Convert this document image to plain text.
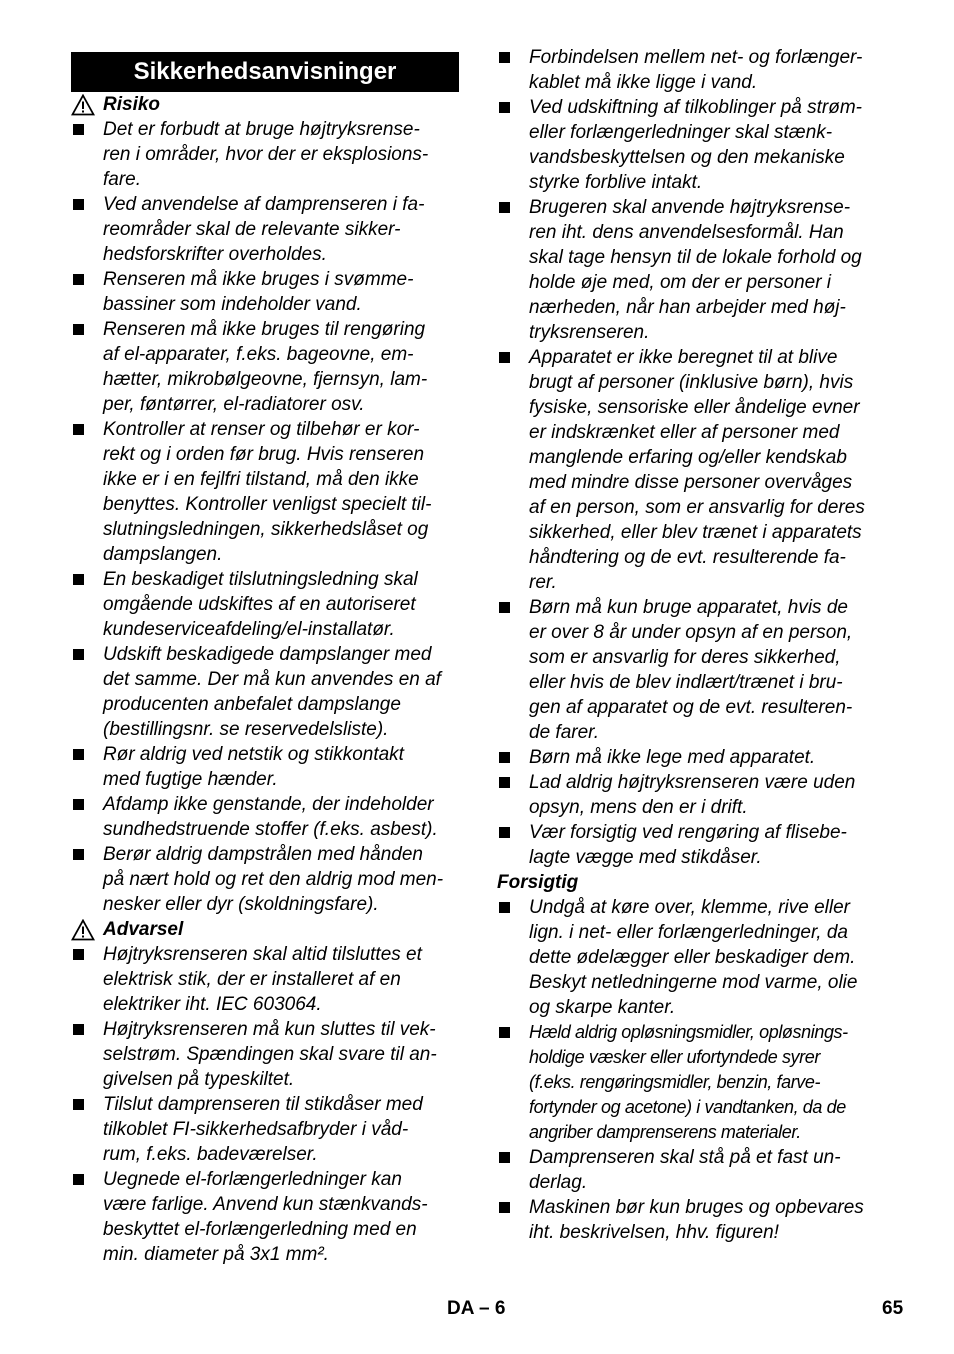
Sikkerhedsanvisninger
Risiko
Det er forbudt at bruge højtryksrense-
ren i områder, hvor der er eksplosions-
fare.
Ved anvendelse af damprenseren i fa-
reområder skal de relevante sikker-
hedsforskrifter overholdes.
Renseren må ikke bruges i svømme-
bassiner som indeholder vand.
Renseren må ikke bruges til rengøring
af el-apparater, f.eks. bageovne, em-
hætter, mikrobølgeovne, fjernsyn, lam-
per, føntørrer, el-radiatorer osv.
Kontroller at renser og tilbehør er kor-
rekt og i orden før brug. Hvis renseren
ikke er i en fejlfri tilstand, må den ikke
benyttes. Kontroller venligst specielt til-
slutningsledningen, sikkerhedslåset og
dampslangen.
En beskadiget tilslutningsledning skal
omgående udskiftes af en autoriseret
kundeserviceafdeling/el-installatør.
Udskift beskadigede dampslanger med
det samme. Der må kun anvendes en af
producenten anbefalet dampslange
(bestillingsnr. se reservedelsliste).
Rør aldrig ved netstik og stikkontakt
med fugtige hænder.
Afdamp ikke genstande, der indeholder
sundhedstruende stoffer (f.eks. asbest).
Berør aldrig dampstrålen med hånden
på nært hold og ret den aldrig mod men-
nesker eller dyr (skoldningsfare).
Advarsel
Højtryksrenseren skal altid tilsluttes et
elektrisk stik, der er installeret af en
elektriker iht. IEC 603064.
Højtryksrenseren må kun sluttes til vek-
selstrøm. Spændingen skal svare til an-
givelsen på typeskiltet.
Tilslut damprenseren til stikdåser med
tilkoblet FI-sikkerhedsafbryder i våd-
rum, f.eks. badeværelser.
Uegnede el-forlængerledninger kan
være farlige. Anvend kun stænkvands-
beskyttet el-forlængerledning med en
min. diameter på 3x1 mm².
Forbindelsen mellem net- og forlænger-
kablet må ikke ligge i vand.
Ved udskiftning af tilkoblinger på strøm-
eller forlængerledninger skal stænk-
vandsbeskyttelsen og den mekaniske
styrke forblive intakt.
Brugeren skal anvende højtryksrense-
ren iht. dens anvendelsesformål. Han
skal tage hensyn til de lokale forhold og
holde øje med, om der er personer i
nærheden, når han arbejder med høj-
tryksrenseren.
Apparatet er ikke beregnet til at blive
brugt af personer (inklusive børn), hvis
fysiske, sensoriske eller åndelige evner
er indskrænket eller af personer med
manglende erfaring og/eller kendskab
med mindre disse personer overvåges
af en person, som er ansvarlig for deres
sikkerhed, eller blev trænet i apparatets
håndtering og de evt. resulterende fa-
rer.
Børn må kun bruge apparatet, hvis de
er over 8 år under opsyn af en person,
som er ansvarlig for deres sikkerhed,
eller hvis de blev indlært/trænet i bru-
gen af apparatet og de evt. resulteren-
de farer.
Børn må ikke lege med apparatet.
Lad aldrig højtryksrenseren være uden
opsyn, mens den er i drift.
Vær forsigtig ved rengøring af flisebe-
lagte vægge med stikdåser.
Forsigtig
Undgå at køre over, klemme, rive eller
lign. i net- eller forlængerledninger, da
dette ødelægger eller beskadiger dem.
Beskyt netledningerne mod varme, olie
og skarpe kanter.
Hæld aldrig opløsningsmidler, opløsnings-
holdige væsker eller ufortyndede syrer
(f.eks. rengøringsmidler, benzin, farve-
fortynder og acetone) i vandtanken, da de
angriber damprenserens materialer.
Damprenseren skal stå på et fast un-
derlag.
Maskinen bør kun bruges og opbevares
iht. beskrivelsen, hhv. figuren!
DA – 6	65
